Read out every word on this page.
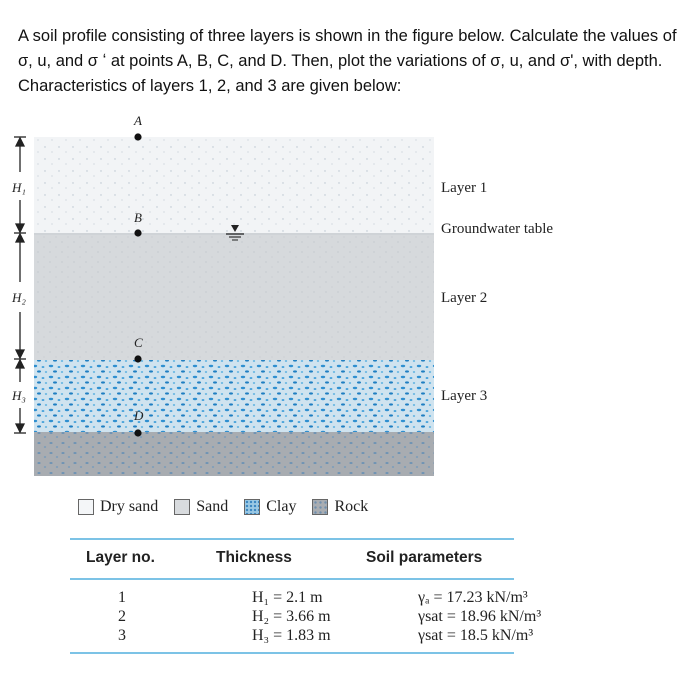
A soil profile consisting of three layers is shown in the figure below. Calculate the values of σ, u, and σ ʻ at points A, B, C, and D. Then, plot the variations of σ, u, and σʹ, with depth. Characteristics of layers 1, 2, and 3 are given below:
H₁
H₂
H₃
A
B
C
D
Layer 1
Groundwater table
Layer 2
Layer 3
Dry sand Sand Clay Rock
Layer no.	Thickness	Soil parameters
1	H₁ = 2.1 m	γₐ = 17.23 kN/m³
2	H₂ = 3.66 m	γsat = 18.96 kN/m³
3	H₃ = 1.83 m	γsat = 18.5 kN/m³
